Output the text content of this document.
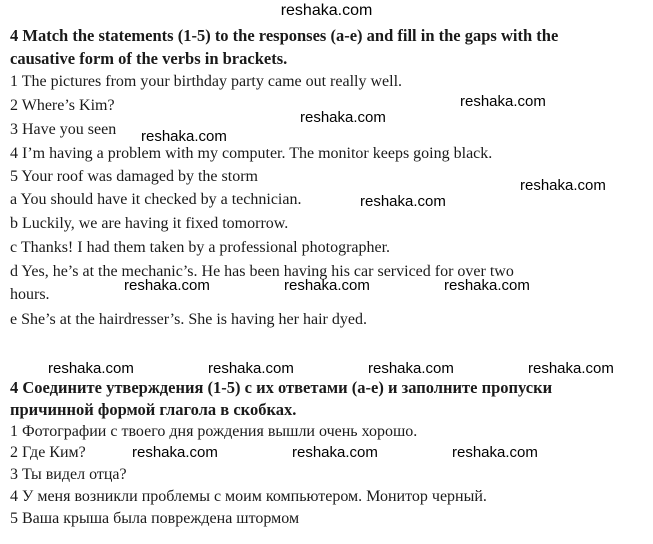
reshaka.com
4 Match the statements (1-5) to the responses (a-e) and fill in the gaps with the
causative form of the verbs in brackets.
1 The pictures from your birthday party came out really well.
2 Where’s Kim?
3 Have you seen
4 I’m having a problem with my computer. The monitor keeps going black.
5 Your roof was damaged by the storm
a You should have it checked by a technician.
b Luckily, we are having it fixed tomorrow.
c Thanks! I had them taken by a professional photographer.
d Yes, he’s at the mechanic’s. He has been having his car serviced for over two
hours.
e She’s at the hairdresser’s. She is having her hair dyed.
4 Соедините утверждения (1-5) с их ответами (a-e) и заполните пропуски
причинной формой глагола в скобках.
1 Фотографии с твоего дня рождения вышли очень хорошо.
2 Где Ким?
3 Ты видел отца?
4 У меня возникли проблемы с моим компьютером. Монитор черный.
5 Ваша крыша была повреждена штормом
reshaka.com
reshaka.com
reshaka.com
reshaka.com
reshaka.com
reshaka.com	reshaka.com	reshaka.com
reshaka.com	reshaka.com	reshaka.com	reshaka.com
reshaka.com	reshaka.com	reshaka.com
